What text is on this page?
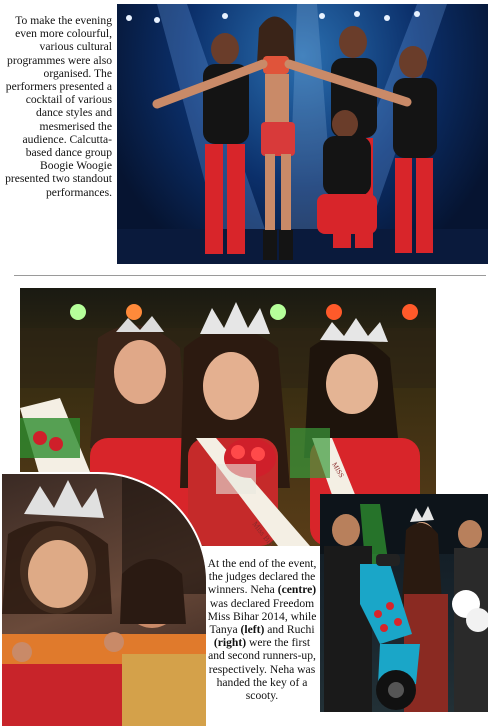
To make the evening even more colourful, various cultural programmes were also organised. The performers presented a cocktail of various dance styles and mesmerised the audience. Calcutta-based dance group Boogie Woogie presented two standout performances.
MISS
At the end of the event, the judges declared the winners. Neha (centre) was declared Freedom Miss Bihar 2014, while Tanya (left) and Ruchi (right) were the first and second runners-up, respectively. Neha was handed the key of a scooty.
